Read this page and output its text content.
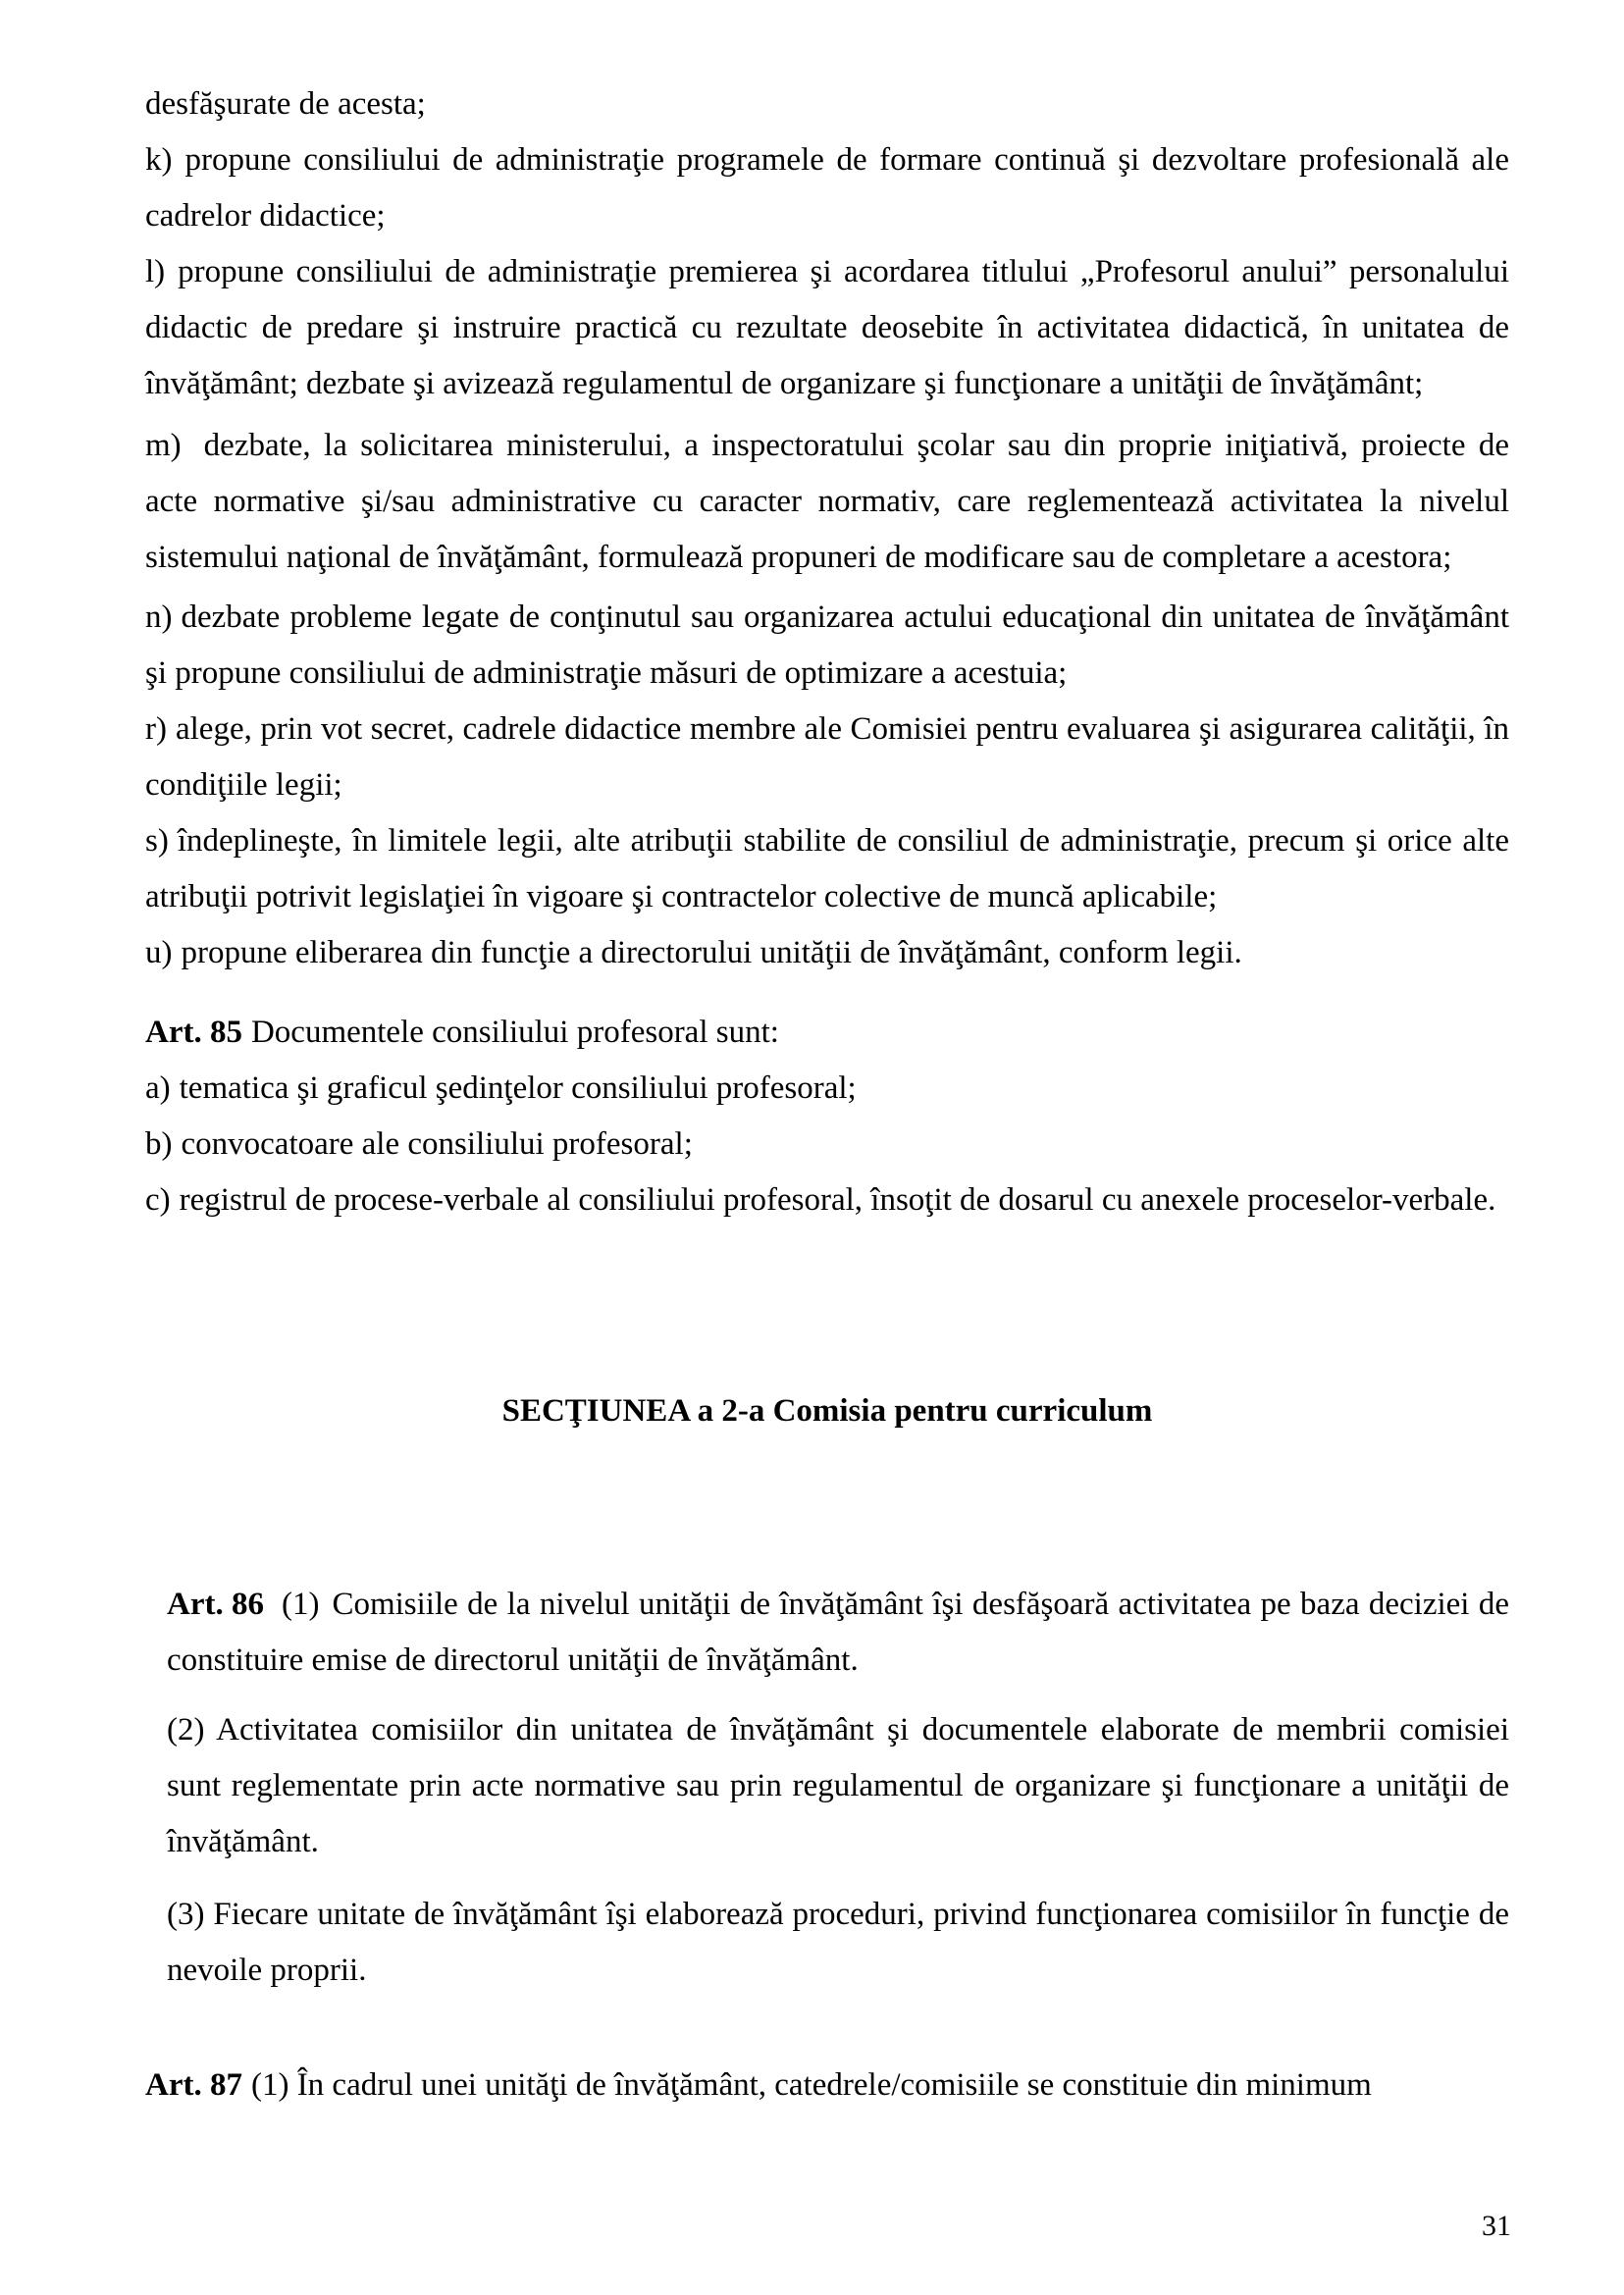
desfăşurate de acesta;

k) propune consiliului de administraţie programele de formare continuă şi dezvoltare profesională ale cadrelor didactice;

l) propune consiliului de administraţie premierea şi acordarea titlului „Profesorul anului” personalului didactic de predare şi instruire practică cu rezultate deosebite în activitatea didactică, în unitatea de învăţământ; dezbate şi avizează regulamentul de organizare şi funcţionare a unităţii de învăţământ;

m) dezbate, la solicitarea ministerului, a inspectoratului şcolar sau din proprie iniţiativă, proiecte de acte normative şi/sau administrative cu caracter normativ, care reglementează activitatea la nivelul sistemului naţional de învăţământ, formulează propuneri de modificare sau de completare a acestora;

n) dezbate probleme legate de conţinutul sau organizarea actului educaţional din unitatea de învăţământ şi propune consiliului de administraţie măsuri de optimizare a acestuia;

r) alege, prin vot secret, cadrele didactice membre ale Comisiei pentru evaluarea şi asigurarea calităţii, în condiţiile legii;

s) îndeplineşte, în limitele legii, alte atribuţii stabilite de consiliul de administraţie, precum şi orice alte atribuţii potrivit legislaţiei în vigoare şi contractelor colective de muncă aplicabile;

u) propune eliberarea din funcţie a directorului unităţii de învăţământ, conform legii.

Art. 85 Documentele consiliului profesoral sunt:

a) tematica şi graficul şedinţelor consiliului profesoral;

b) convocatoare ale consiliului profesoral;

c) registrul de procese-verbale al consiliului profesoral, însoţit de dosarul cu anexele proceselor-verbale.

SECŢIUNEA a 2-a Comisia pentru curriculum

Art. 86 (1) Comisiile de la nivelul unităţii de învăţământ îşi desfăşoară activitatea pe baza deciziei de constituire emise de directorul unităţii de învăţământ.

(2) Activitatea comisiilor din unitatea de învăţământ şi documentele elaborate de membrii comisiei sunt reglementate prin acte normative sau prin regulamentul de organizare şi funcţionare a unităţii de învăţământ.

(3) Fiecare unitate de învăţământ îşi elaborează proceduri, privind funcţionarea comisiilor în funcţie de nevoile proprii.

Art. 87 (1) În cadrul unei unităţi de învăţământ, catedrele/comisiile se constituie din minimum

31
